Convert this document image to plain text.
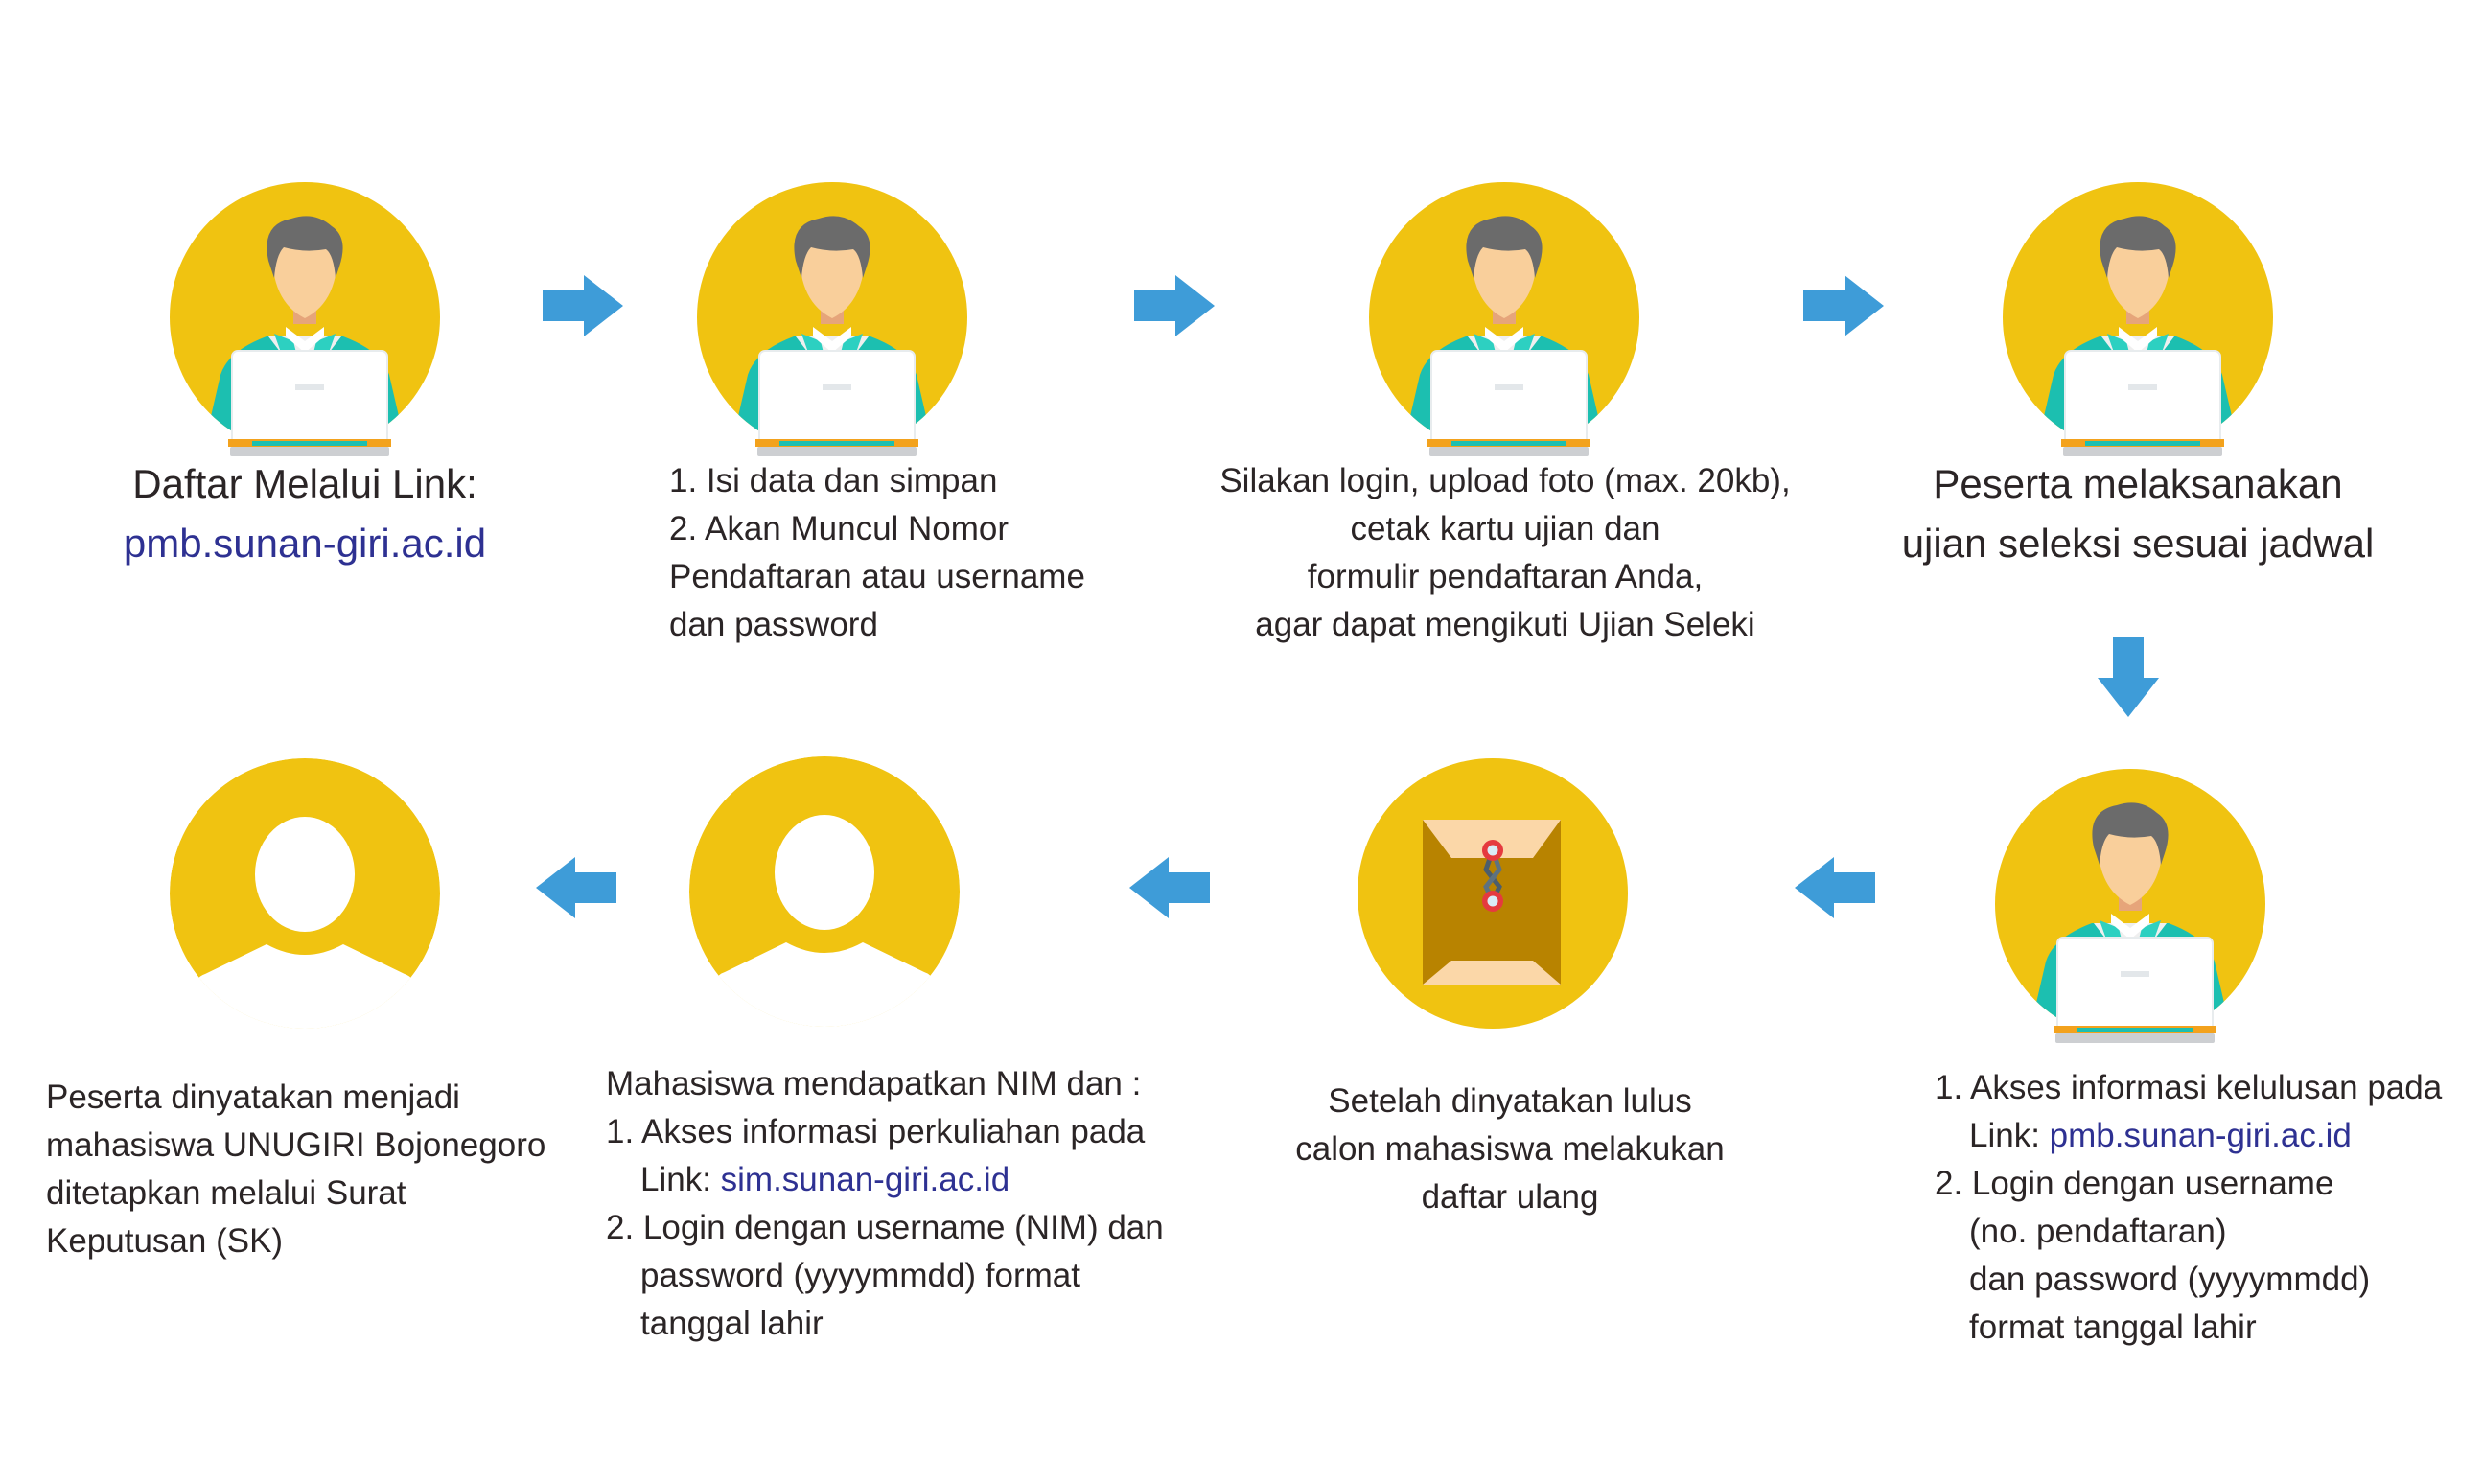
Daftar Melalui Link:
pmb.sunan-giri.ac.id
1. Isi data dan simpan
2. Akan Muncul Nomor
Pendaftaran atau username
dan password
Silakan login, upload foto (max. 20kb),
cetak kartu ujian dan
formulir pendaftaran Anda,
agar dapat mengikuti Ujian Seleki
Peserta melaksanakan
ujian seleksi sesuai jadwal
1. Akses informasi kelulusan pada
Link: pmb.sunan-giri.ac.id
2. Login dengan username
(no. pendaftaran)
dan password (yyyymmdd)
format tanggal lahir
Setelah dinyatakan lulus
calon mahasiswa melakukan
daftar ulang
Mahasiswa mendapatkan NIM dan :
1. Akses informasi perkuliahan pada
Link: sim.sunan-giri.ac.id
2. Login dengan username (NIM) dan
password (yyyymmdd) format
tanggal lahir
Peserta dinyatakan menjadi
mahasiswa UNUGIRI Bojonegoro
ditetapkan melalui Surat
Keputusan (SK)
